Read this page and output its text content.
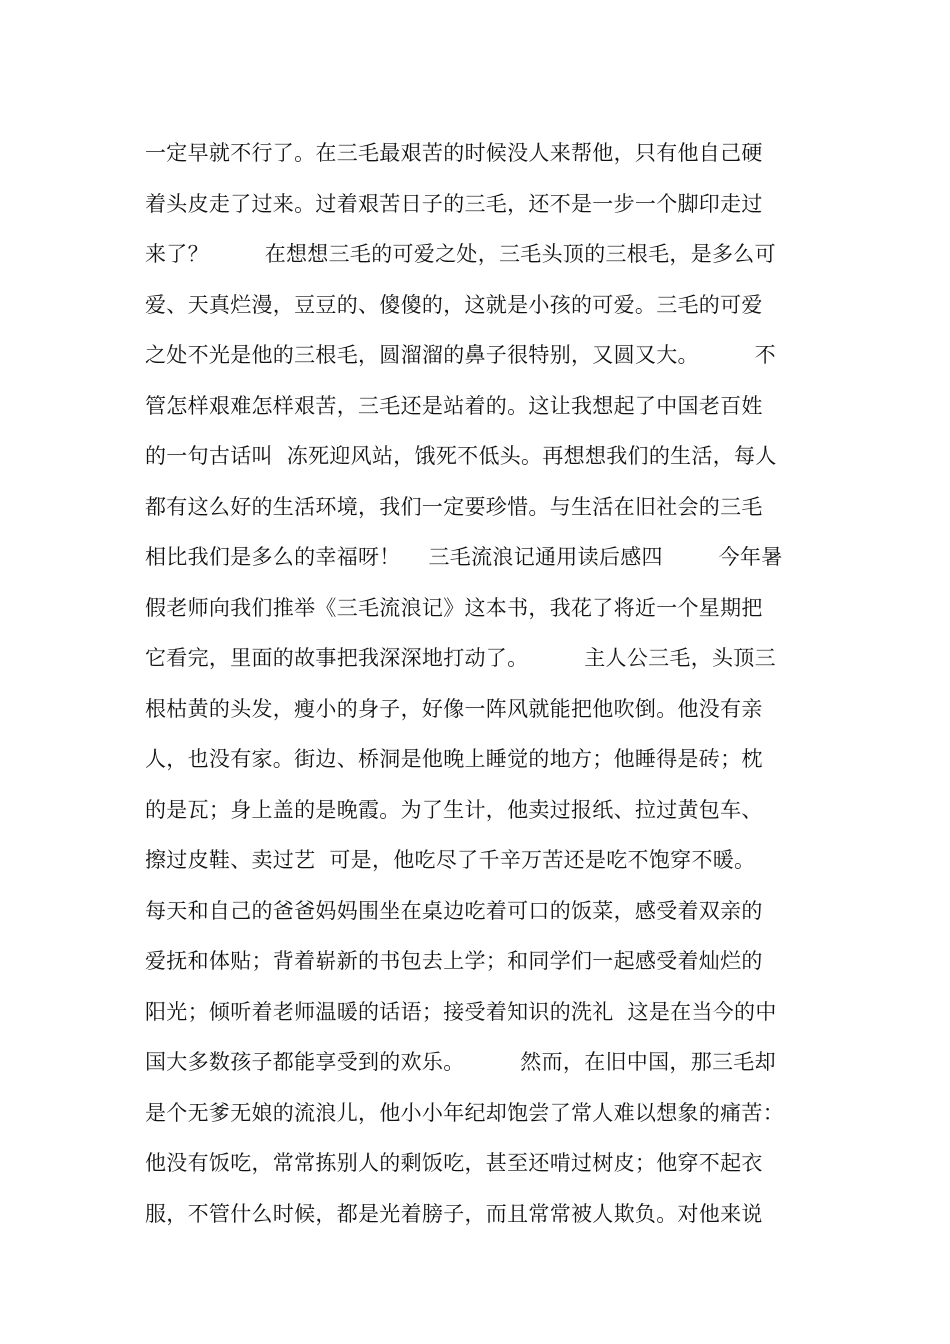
一定早就不行了。在三毛最艰苦的时候没人来帮他，只有他自己硬
着头皮走了过来。过着艰苦日子的三毛，还不是一步一个脚印走过
来了？        在想想三毛的可爱之处，三毛头顶的三根毛，是多么可
爱、天真烂漫，豆豆的、傻傻的，这就是小孩的可爱。三毛的可爱
之处不光是他的三根毛，圆溜溜的鼻子很特别，又圆又大。        不
管怎样艰难怎样艰苦，三毛还是站着的。这让我想起了中国老百姓
的一句古话叫  冻死迎风站，饿死不低头。再想想我们的生活，每人
都有这么好的生活环境，我们一定要珍惜。与生活在旧社会的三毛
相比我们是多么的幸福呀！    三毛流浪记通用读后感四        今年暑
假老师向我们推举《三毛流浪记》这本书，我花了将近一个星期把
它看完，里面的故事把我深深地打动了。        主人公三毛，头顶三
根枯黄的头发，瘦小的身子，好像一阵风就能把他吹倒。他没有亲
人，也没有家。街边、桥洞是他晚上睡觉的地方；他睡得是砖；枕
的是瓦；身上盖的是晚霞。为了生计，他卖过报纸、拉过黄包车、
擦过皮鞋、卖过艺  可是，他吃尽了千辛万苦还是吃不饱穿不暖。
每天和自己的爸爸妈妈围坐在桌边吃着可口的饭菜，感受着双亲的
爱抚和体贴；背着崭新的书包去上学；和同学们一起感受着灿烂的
阳光；倾听着老师温暖的话语；接受着知识的洗礼  这是在当今的中
国大多数孩子都能享受到的欢乐。        然而，在旧中国，那三毛却
是个无爹无娘的流浪儿，他小小年纪却饱尝了常人难以想象的痛苦：
他没有饭吃，常常拣别人的剩饭吃，甚至还啃过树皮；他穿不起衣
服，不管什么时候，都是光着膀子，而且常常被人欺负。对他来说
